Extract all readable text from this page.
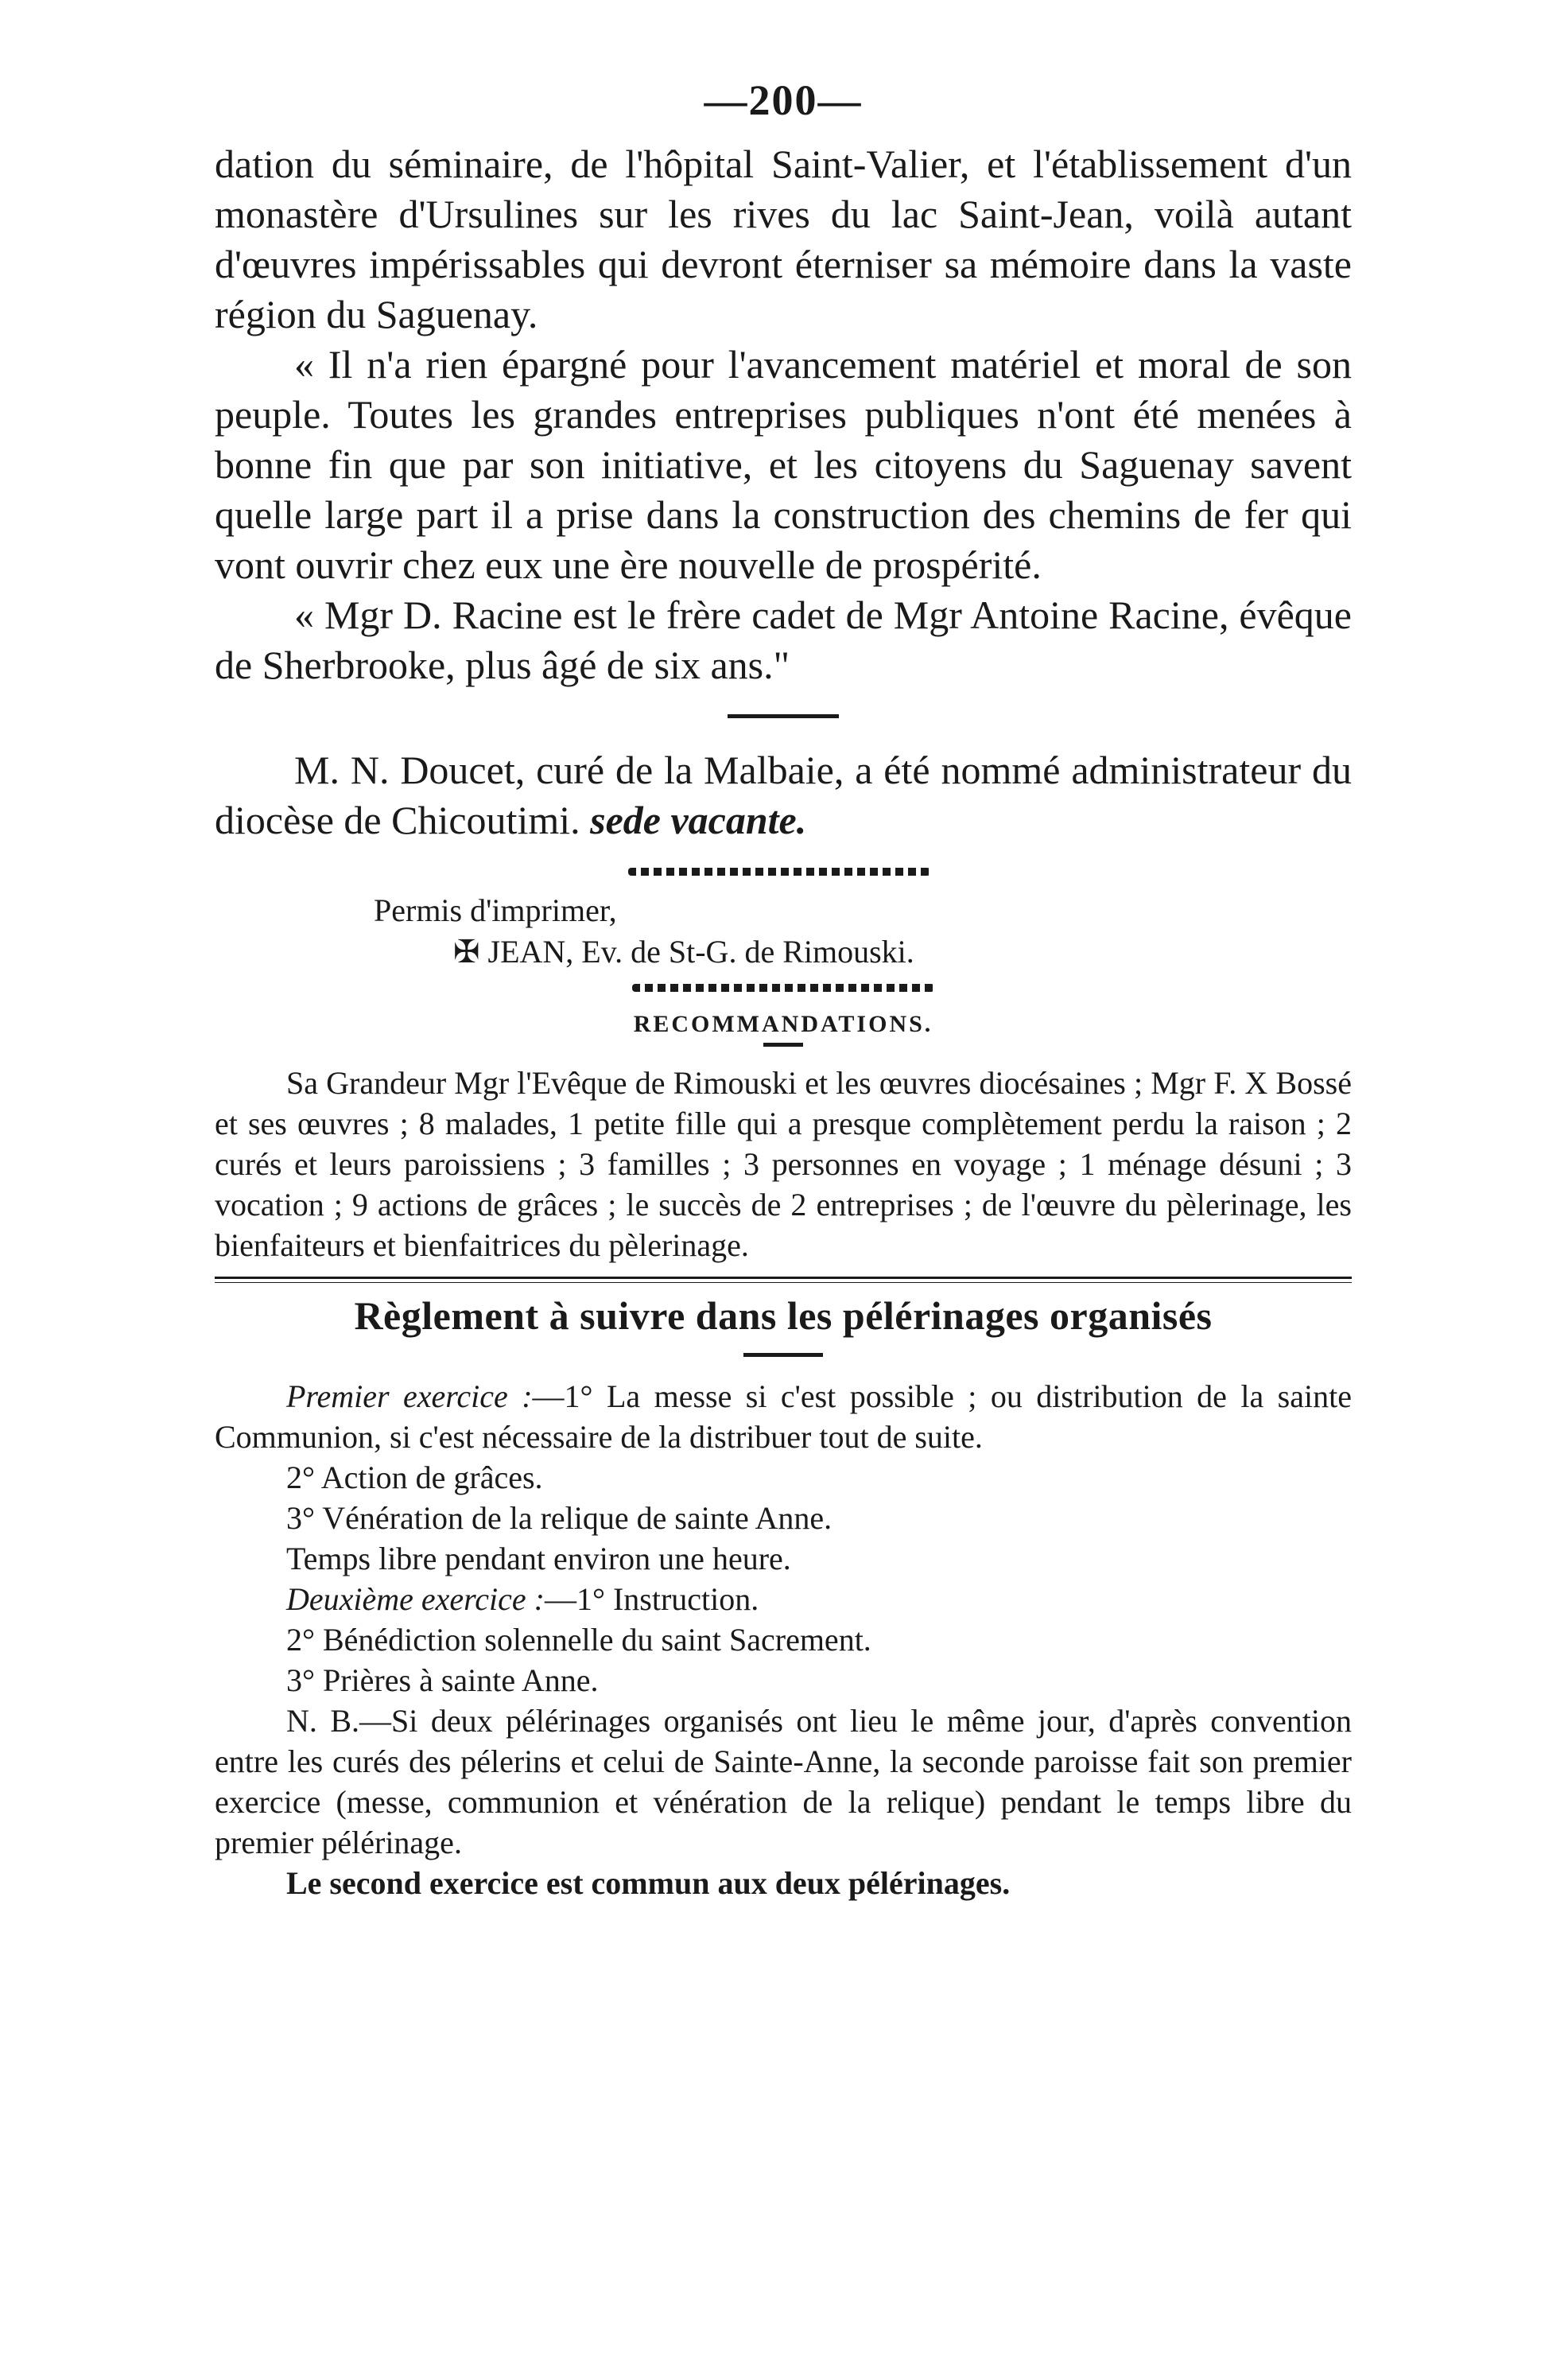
—200—

dation du séminaire, de l'hôpital Saint-Valier, et l'établissement d'un monastère d'Ursulines sur les rives du lac Saint-Jean, voilà autant d'œuvres impérissables qui devront éterniser sa mémoire dans la vaste région du Saguenay.

« Il n'a rien épargné pour l'avancement matériel et moral de son peuple. Toutes les grandes entreprises publiques n'ont été menées à bonne fin que par son initiative, et les citoyens du Saguenay savent quelle large part il a prise dans la construction des chemins de fer qui vont ouvrir chez eux une ère nouvelle de prospérité.

« Mgr D. Racine est le frère cadet de Mgr Antoine Racine, évêque de Sherbrooke, plus âgé de six ans."

M. N. Doucet, curé de la Malbaie, a été nommé administrateur du diocèse de Chicoutimi. sede vacante.

Permis d'imprimer,

✠ JEAN, Ev. de St-G. de Rimouski.

RECOMMANDATIONS.

Sa Grandeur Mgr l'Evêque de Rimouski et les œuvres diocésaines ; Mgr F. X Bossé et ses œuvres ; 8 malades, 1 petite fille qui a presque complètement perdu la raison ; 2 curés et leurs paroissiens ; 3 familles ; 3 personnes en voyage ; 1 ménage désuni ; 3 vocation ; 9 actions de grâces ; le succès de 2 entreprises ; de l'œuvre du pèlerinage, les bienfaiteurs et bienfaitrices du pèlerinage.

Règlement à suivre dans les pélérinages organisés

Premier exercice :—1° La messe si c'est possible ; ou distribution de la sainte Communion, si c'est nécessaire de la distribuer tout de suite.

2° Action de grâces.

3° Vénération de la relique de sainte Anne.

Temps libre pendant environ une heure.

Deuxième exercice :—1° Instruction.

2° Bénédiction solennelle du saint Sacrement.

3° Prières à sainte Anne.

N. B.—Si deux pélérinages organisés ont lieu le même jour, d'après convention entre les curés des pélerins et celui de Sainte-Anne, la seconde paroisse fait son premier exercice (messe, communion et vénération de la relique) pendant le temps libre du premier pélérinage.

Le second exercice est commun aux deux pélérinages.
